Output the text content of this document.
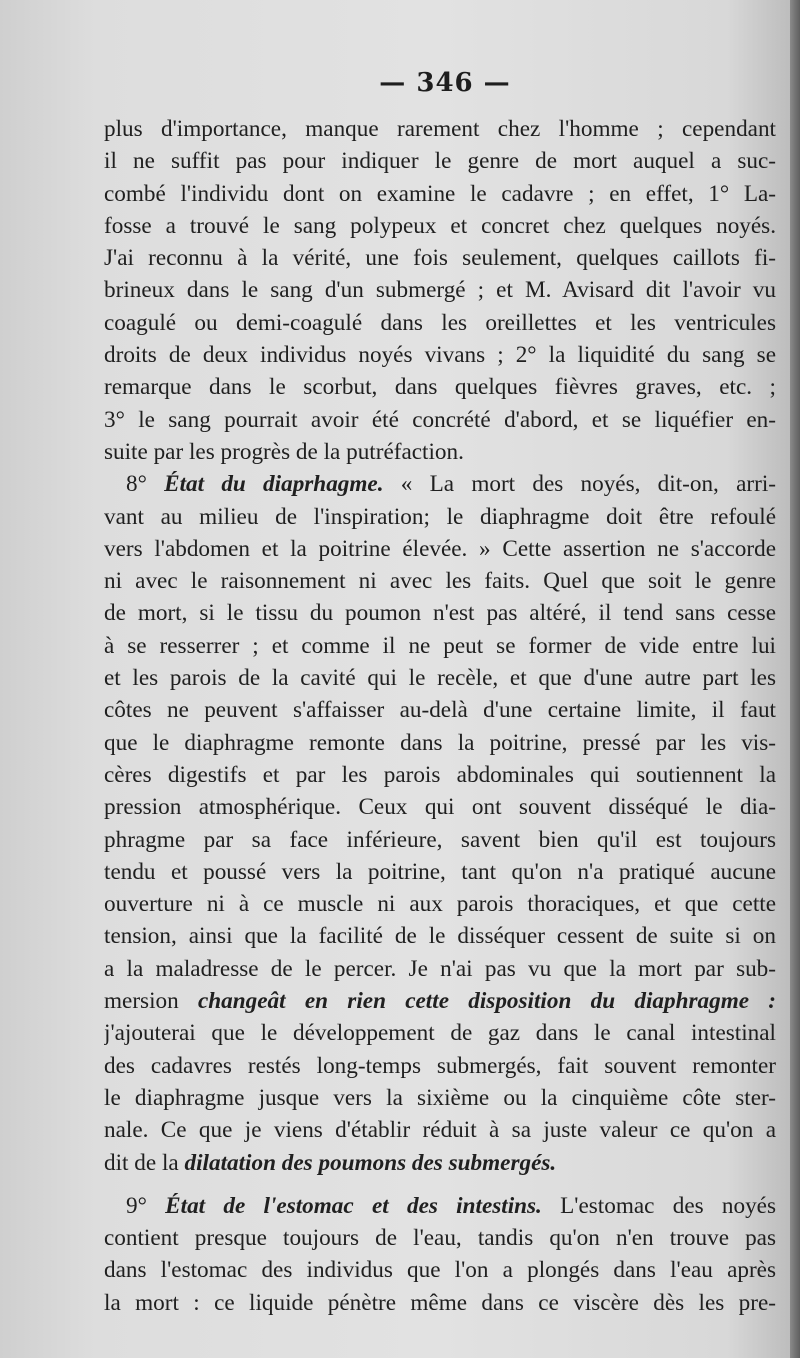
— 346 —
plus d'importance, manque rarement chez l'homme ; cependant
il ne suffit pas pour indiquer le genre de mort auquel a suc-
combé l'individu dont on examine le cadavre ; en effet, 1° La-
fosse a trouvé le sang polypeux et concret chez quelques noyés.
J'ai reconnu à la vérité, une fois seulement, quelques caillots fi-
brineux dans le sang d'un submergé ; et M. Avisard dit l'avoir vu
coagulé ou demi-coagulé dans les oreillettes et les ventricules
droits de deux individus noyés vivans ; 2° la liquidité du sang se
remarque dans le scorbut, dans quelques fièvres graves, etc. ;
3° le sang pourrait avoir été concrété d'abord, et se liquéfier en-
suite par les progrès de la putréfaction.
8° État du diaprhagme. « La mort des noyés, dit-on, arri-
vant au milieu de l'inspiration; le diaphragme doit être refoulé
vers l'abdomen et la poitrine élevée. » Cette assertion ne s'accorde
ni avec le raisonnement ni avec les faits. Quel que soit le genre
de mort, si le tissu du poumon n'est pas altéré, il tend sans cesse
à se resserrer ; et comme il ne peut se former de vide entre lui
et les parois de la cavité qui le recèle, et que d'une autre part les
côtes ne peuvent s'affaisser au-delà d'une certaine limite, il faut
que le diaphragme remonte dans la poitrine, pressé par les vis-
cères digestifs et par les parois abdominales qui soutiennent la
pression atmosphérique. Ceux qui ont souvent disséqué le dia-
phragme par sa face inférieure, savent bien qu'il est toujours
tendu et poussé vers la poitrine, tant qu'on n'a pratiqué aucune
ouverture ni à ce muscle ni aux parois thoraciques, et que cette
tension, ainsi que la facilité de le disséquer cessent de suite si on
a la maladresse de le percer. Je n'ai pas vu que la mort par sub-
mersion changeât en rien cette disposition du diaphragme :
j'ajouterai que le développement de gaz dans le canal intestinal
des cadavres restés long-temps submergés, fait souvent remonter
le diaphragme jusque vers la sixième ou la cinquième côte ster-
nale. Ce que je viens d'établir réduit à sa juste valeur ce qu'on a
dit de la dilatation des poumons des submergés.
9° État de l'estomac et des intestins. L'estomac des noyés
contient presque toujours de l'eau, tandis qu'on n'en trouve pas
dans l'estomac des individus que l'on a plongés dans l'eau après
la mort : ce liquide pénètre même dans ce viscère dès les pre-
